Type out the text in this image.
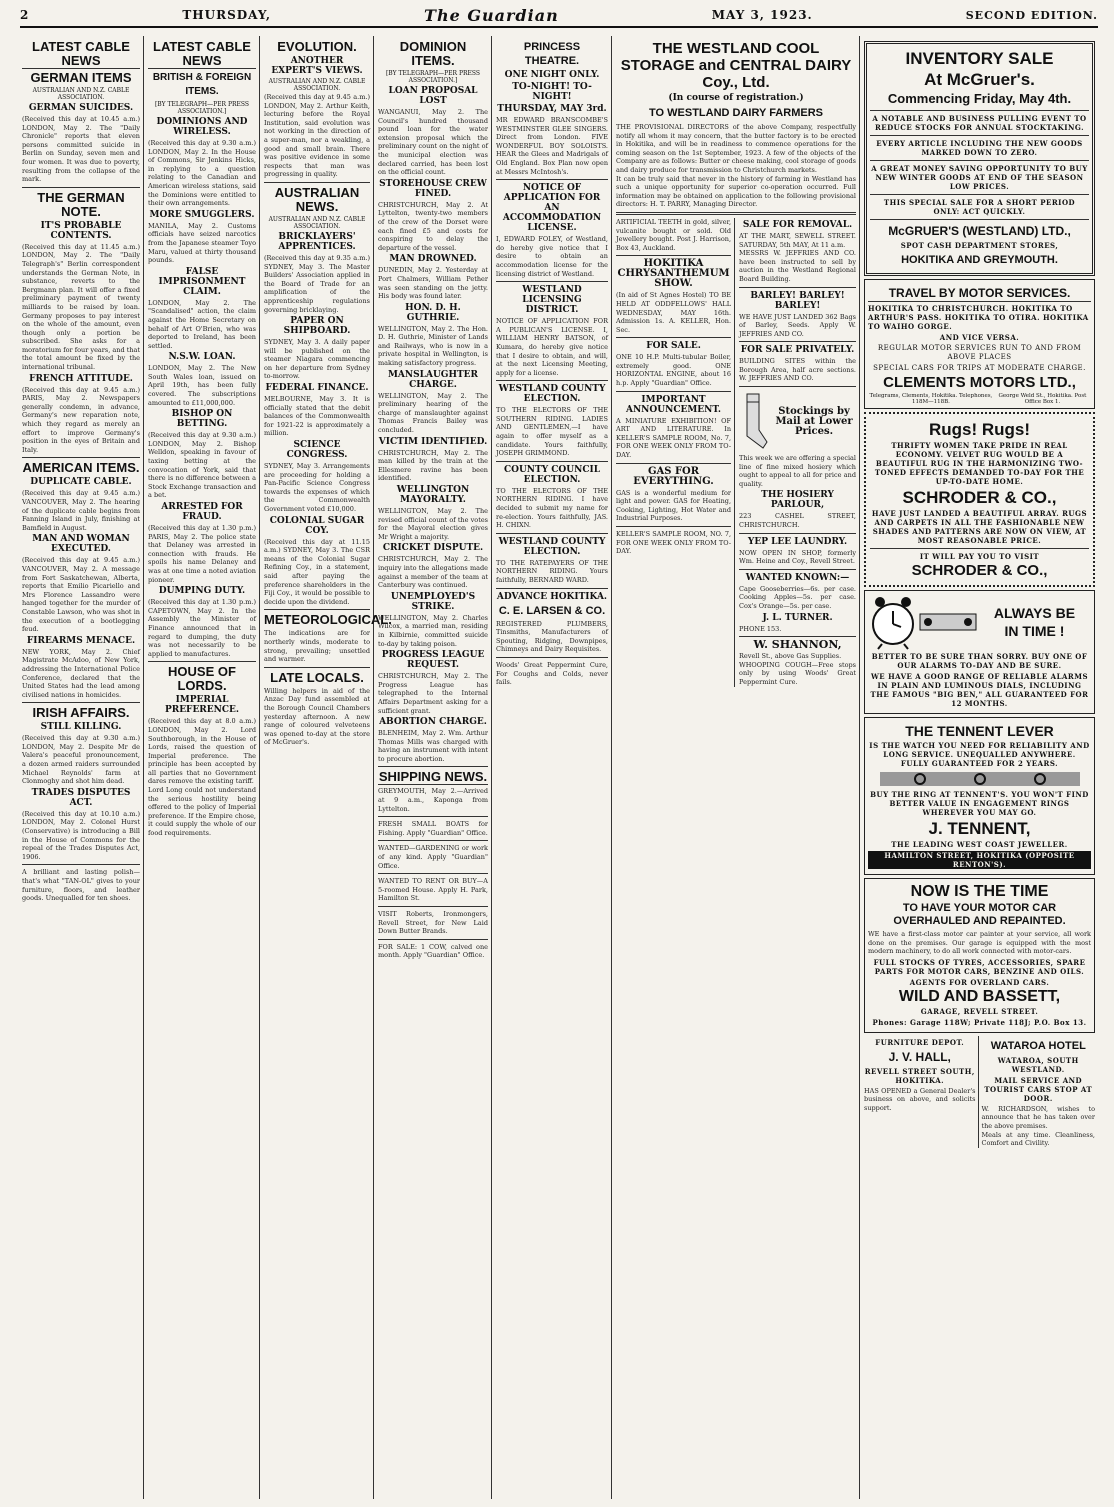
2	THURSDAY,	The Guardian	MAY 3, 1923.	SECOND EDITION.
LATEST CABLE NEWS
GERMAN ITEMS
AUSTRALIAN AND N.Z. CABLE ASSOCIATION.
GERMAN SUICIDES.

(Received this day at 10.45 a.m.) LONDON, May 2. The "Daily Chronicle" reports that eleven persons committed suicide in Berlin on Sunday, seven men and four women. It was due to poverty, resulting from the collapse of the mark.

THE GERMAN NOTE.
IT'S PROBABLE CONTENTS.

(Received this day at 11.45 a.m.) LONDON, May 2. The "Daily Telegraph's" Berlin correspondent understands the German Note, in substance, reverts to the Bergmann plan. It will offer a fixed preliminary payment of twenty milliards to be raised by loan. Germany proposes to pay interest on the whole of the amount, even though only a portion be subscribed. She asks for a moratorium for four years, and that the total amount be fixed by the international tribunal.

FRENCH ATTITUDE.

(Received this day at 9.45 a.m.) PARIS, May 2. Newspapers generally condemn, in advance, Germany's new reparation note, which they regard as merely an effort to improve Germany's position in the eyes of Britain and Italy.

AMERICAN ITEMS.
DUPLICATE CABLE.

(Received this day at 9.45 a.m.) VANCOUVER, May 2. The hearing of the duplicate cable begins from Fanning Island in July, finishing at Bamfield in August.

MAN AND WOMAN EXECUTED.

(Received this day at 9.45 a.m.) VANCOUVER, May 2. A message from Fort Saskatchewan, Alberta, reports that Emilio Picariello and Mrs Florence Lassandro were hanged together for the murder of Constable Lawson, who was shot in the execution of a bootlegging feud.

FIREARMS MENACE.

NEW YORK, May 2. Chief Magistrate McAdoo, of New York, addressing the International Police Conference, declared that the United States had the lead among civilised nations in homicides.

IRISH AFFAIRS.
STILL KILLING.

(Received this day at 9.30 a.m.) LONDON, May 2. Despite Mr de Valera's peaceful pronouncement, a dozen armed raiders surrounded Michael Reynolds' farm at Clonmoghy and shot him dead.

TRADES DISPUTES ACT.

(Received this day at 10.10 a.m.) LONDON, May 2. Colonel Hurst (Conservative) is introducing a Bill in the House of Commons for the repeal of the Trades Disputes Act, 1906.

A brilliant and lasting polish—that's what "TAN-OL" gives to your furniture, floors, and leather goods. Unequalled for ten shoes.

LATEST CABLE NEWS
BRITISH & FOREIGN ITEMS.
[BY TELEGRAPH—PER PRESS ASSOCIATION.]
DOMINIONS AND WIRELESS.

(Received this day at 9.30 a.m.) LONDON, May 2. In the House of Commons, Sir Jenkins Hicks, in replying to a question relating to the Canadian and American wireless stations, said the Dominions were entitled to their own arrangements.

MORE SMUGGLERS.

MANILA, May 2. Customs officials have seized narcotics from the Japanese steamer Toyo Maru, valued at thirty thousand pounds.

FALSE IMPRISONMENT CLAIM.

LONDON, May 2. The "Scandalised" action, the claim against the Home Secretary on behalf of Art O'Brien, who was deported to Ireland, has been settled.

N.S.W. LOAN.

LONDON, May 2. The New South Wales loan, issued on April 19th, has been fully covered. The subscriptions amounted to £11,000,000.

BISHOP ON BETTING.

(Received this day at 9.30 a.m.) LONDON, May 2. Bishop Welldon, speaking in favour of taxing betting at the convocation of York, said that there is no difference between a Stock Exchange transaction and a bet.

ARRESTED FOR FRAUD.

(Received this day at 1.30 p.m.) PARIS, May 2. The police state that Delaney was arrested in connection with frauds. He spoils his name Delaney and was at one time a noted aviation pioneer.

DUMPING DUTY.

(Received this day at 1.30 p.m.) CAPETOWN, May 2. In the Assembly the Minister of Finance announced that in regard to dumping, the duty was not necessarily to be applied to manufactures.

HOUSE OF LORDS.
IMPERIAL PREFERENCE.

(Received this day at 8.0 a.m.) LONDON, May 2. Lord Southborough, in the House of Lords, raised the question of Imperial preference. The principle has been accepted by all parties that no Government dares remove the existing tariff.

Lord Long could not understand the serious hostility being offered to the policy of Imperial preference. If the Empire chose, it could supply the whole of our food requirements.

EVOLUTION.
ANOTHER EXPERT'S VIEWS.
AUSTRALIAN AND N.Z. CABLE ASSOCIATION.

(Received this day at 9.45 a.m.) LONDON, May 2. Arthur Keith, lecturing before the Royal Institution, said evolution was not working in the direction of a super-man, nor a weakling, a good and small brain. There was positive evidence in some respects that man was progressing in quality.

AUSTRALIAN NEWS.
AUSTRALIAN AND N.Z. CABLE ASSOCIATION.
BRICKLAYERS' APPRENTICES.

(Received this day at 9.35 a.m.) SYDNEY, May 3. The Master Builders' Association applied in the Board of Trade for an amplification of the apprenticeship regulations governing bricklaying.

PAPER ON SHIPBOARD.

SYDNEY, May 3. A daily paper will be published on the steamer Niagara commencing on her departure from Sydney to-morrow.

FEDERAL FINANCE.

MELBOURNE, May 3. It is officially stated that the debit balances of the Commonwealth for 1921-22 is approximately a million.

SCIENCE CONGRESS.

SYDNEY, May 3. Arrangements are proceeding for holding a Pan-Pacific Science Congress towards the expenses of which the Commonwealth Government voted £10,000.

COLONIAL SUGAR COY.

(Received this day at 11.15 a.m.) SYDNEY, May 3. The CSR means of the Colonial Sugar Refining Coy., in a statement, said after paying the preference shareholders in the Fiji Coy., it would be possible to decide upon the dividend.

METEOROLOGICAL.

The indications are for northerly winds, moderate to strong, prevailing; unsettled and warmer.

LATE LOCALS.

Willing helpers in aid of the Anzac Day fund assembled at the Borough Council Chambers yesterday afternoon. A new range of coloured velveteens was opened to-day at the store of McGruer's.

DOMINION ITEMS.
[BY TELEGRAPH—PER PRESS ASSOCIATION.]
LOAN PROPOSAL LOST

WANGANUI, May 2. The Council's hundred thousand pound loan for the water extension proposal which the preliminary count on the night of the municipal election was declared carried, has been lost on the official count.

STOREHOUSE CREW FINED.

CHRISTCHURCH, May 2. At Lyttelton, twenty-two members of the crew of the Dorset were each fined £5 and costs for conspiring to delay the departure of the vessel.

MAN DROWNED.

DUNEDIN, May 2. Yesterday at Port Chalmers, William Pether was seen standing on the jetty. His body was found later.

HON. D. H. GUTHRIE.

WELLINGTON, May 2. The Hon. D. H. Guthrie, Minister of Lands and Railways, who is now in a private hospital in Wellington, is making satisfactory progress.

MANSLAUGHTER CHARGE.

WELLINGTON, May 2. The preliminary hearing of the charge of manslaughter against Thomas Francis Bailey was concluded.

VICTIM IDENTIFIED.

CHRISTCHURCH, May 2. The man killed by the train at the Ellesmere ravine has been identified.

WELLINGTON MAYORALTY.

WELLINGTON, May 2. The revised official count of the votes for the Mayoral election gives Mr Wright a majority.

CRICKET DISPUTE.

CHRISTCHURCH, May 2. The inquiry into the allegations made against a member of the team at Canterbury was continued.

UNEMPLOYED'S STRIKE.

WELLINGTON, May 2. Charles Wilcox, a married man, residing in Kilbirnie, committed suicide to-day by taking poison.

PROGRESS LEAGUE REQUEST.

CHRISTCHURCH, May 2. The Progress League has telegraphed to the Internal Affairs Department asking for a sufficient grant.

ABORTION CHARGE.

BLENHEIM, May 2. Wm. Arthur Thomas Mills was charged with having an instrument with intent to procure abortion.

SHIPPING NEWS.

GREYMOUTH, May 2.—Arrived at 9 a.m., Kaponga from Lyttelton.

FRESH SMALL BOATS for Fishing. Apply "Guardian" Office.

WANTED—GARDENING or work of any kind. Apply "Guardian" Office.

WANTED TO RENT OR BUY—A 5-roomed House. Apply H. Park, Hamilton St.

VISIT Roberts, Ironmongers, Revell Street, for New Laid Down Butter Brands.

FOR SALE: 1 COW, calved one month. Apply "Guardian" Office.

PRINCESS THEATRE.
ONE NIGHT ONLY.
TO-NIGHT! TO-NIGHT!
THURSDAY, MAY 3rd.

MR EDWARD BRANSCOMBE'S WESTMINSTER GLEE SINGERS. Direct from London. FIVE WONDERFUL BOY SOLOISTS. HEAR the Glees and Madrigals of Old England. Box Plan now open at Messrs McIntosh's.

NOTICE OF APPLICATION FOR AN ACCOMMODATION LICENSE.

I, EDWARD FOLEY, of Westland, do hereby give notice that I desire to obtain an accommodation license for the licensing district of Westland.

WESTLAND LICENSING DISTRICT.

NOTICE OF APPLICATION FOR A PUBLICAN'S LICENSE. I, WILLIAM HENRY BATSON, of Kumara, do hereby give notice that I desire to obtain, and will, at the next Licensing Meeting, apply for a license.

WESTLAND COUNTY ELECTION.

TO THE ELECTORS OF THE SOUTHERN RIDING. LADIES AND GENTLEMEN,—I have again to offer myself as a candidate. Yours faithfully, JOSEPH GRIMMOND.

COUNTY COUNCIL ELECTION.

TO THE ELECTORS OF THE NORTHERN RIDING. I have decided to submit my name for re-election. Yours faithfully, JAS. H. CHIXN.

WESTLAND COUNTY ELECTION.

TO THE RATEPAYERS OF THE NORTHERN RIDING. Yours faithfully, BERNARD WARD.

ADVANCE HOKITIKA.
C. E. LARSEN & CO.

REGISTERED PLUMBERS, Tinsmiths, Manufacturers of Spouting, Ridging, Downpipes, Chimneys and Dairy Requisites.

Woods' Great Peppermint Cure, For Coughs and Colds, never fails.

THE WESTLAND COOL STORAGE and CENTRAL DAIRY Coy., Ltd.
(In course of registration.)
TO WESTLAND DAIRY FARMERS

THE PROVISIONAL DIRECTORS of the above Company, respectfully notify all whom it may concern, that the butter factory is to be erected in Hokitika, and will be in readiness to commence operations for the coming season on the 1st September, 1923. A few of the objects of the Company are as follows: Butter or cheese making, cool storage of goods and dairy produce for transmission to Christchurch markets.

It can be truly said that never in the history of farming in Westland has such a unique opportunity for superior co-operation occurred. Full information may be obtained on application to the following provisional directors: H. T. PARRY, Managing Director.

ARTIFICIAL TEETH in gold, silver, vulcanite bought or sold. Old Jewellery bought. Post J. Harrison, Box 43, Auckland.

HOKITIKA CHRYSANTHEMUM SHOW.

(In aid of St Agnes Hostel) TO BE HELD AT ODDFELLOWS' HALL WEDNESDAY, MAY 16th. Admission 1s. A. KELLER, Hon. Sec.

FOR SALE.

ONE 10 H.P. Multi-tubular Boiler, extremely good. ONE HORIZONTAL ENGINE, about 16 h.p. Apply "Guardian" Office.

IMPORTANT ANNOUNCEMENT.

A MINIATURE EXHIBITION! OF ART AND LITERATURE. In KELLER'S SAMPLE ROOM, No. 7, FOR ONE WEEK ONLY FROM TO-DAY.

GAS FOR EVERYTHING.

GAS is a wonderful medium for light and power. GAS for Heating, Cooking, Lighting, Hot Water and Industrial Purposes.

KELLER'S SAMPLE ROOM, NO. 7, FOR ONE WEEK ONLY FROM TO-DAY.

SALE FOR REMOVAL.

AT THE MART, SEWELL STREET. SATURDAY, 5th MAY, At 11 a.m.

MESSRS W. JEFFRIES AND CO. have been instructed to sell by auction in the Westland Regional Board Building.

BARLEY! BARLEY! BARLEY!

WE HAVE JUST LANDED 362 Bags of Barley, Seeds. Apply W. JEFFRIES AND CO.

FOR SALE PRIVATELY.

BUILDING SITES within the Borough Area, half acre sections. W. JEFFRIES AND CO.

Stockings by Mail at Lower Prices.

This week we are offering a special line of fine mixed hosiery which ought to appeal to all for price and quality.

THE HOSIERY PARLOUR,

223 CASHEL STREET, CHRISTCHURCH.

YEP LEE LAUNDRY.

NOW OPEN IN SHOP, formerly Wm. Heine and Coy., Revell Street.

WANTED KNOWN:—

Cape Gooseberries—6s. per case. Cooking Apples—5s. per case. Cox's Orange—5s. per case.

J. L. TURNER.

PHONE 153.

W. SHANNON,

Revell St., above Gas Supplies.

WHOOPING COUGH—Free stops only by using Woods' Great Peppermint Cure.

INVENTORY SALE
At McGruer's.
Commencing Friday, May 4th.
A NOTABLE AND BUSINESS PULLING EVENT TO REDUCE STOCKS FOR ANNUAL STOCKTAKING.
EVERY ARTICLE INCLUDING THE NEW GOODS MARKED DOWN TO ZERO.
A GREAT MONEY SAVING OPPORTUNITY TO BUY NEW WINTER GOODS AT END OF THE SEASON LOW PRICES.
THIS SPECIAL SALE FOR A SHORT PERIOD ONLY: ACT QUICKLY.
McGRUER'S (WESTLAND) LTD.,
SPOT CASH DEPARTMENT STORES,
HOKITIKA AND GREYMOUTH.
TRAVEL BY MOTOR SERVICES.
HOKITIKA TO CHRISTCHURCH. HOKITIKA TO ARTHUR'S PASS. HOKITIKA TO OTIRA. HOKITIKA TO WAIHO GORGE.
AND VICE VERSA.
REGULAR MOTOR SERVICES RUN TO AND FROM ABOVE PLACES
SPECIAL CARS FOR TRIPS AT MODERATE CHARGE.
CLEMENTS MOTORS LTD.,
Telegrams, Clements, Hokitika. Telephones, 118M—118B.
George Weld St., Hokitika. Post Office Box 1.
Rugs! Rugs!
THRIFTY WOMEN TAKE PRIDE IN REAL ECONOMY. VELVET RUG WOULD BE A BEAUTIFUL RUG IN THE HARMONIZING TWO-TONED EFFECTS DEMANDED TO-DAY FOR THE UP-TO-DATE HOME.
SCHRODER & CO.,
HAVE JUST LANDED A BEAUTIFUL ARRAY. RUGS AND CARPETS IN ALL THE FASHIONABLE NEW SHADES AND PATTERNS ARE NOW ON VIEW, AT MOST REASONABLE PRICE.
IT WILL PAY YOU TO VISIT
SCHRODER & CO.,
ALWAYS BE
IN TIME !
BETTER TO BE SURE THAN SORRY. BUY ONE OF OUR ALARMS TO-DAY AND BE SURE.
WE HAVE A GOOD RANGE OF RELIABLE ALARMS IN PLAIN AND LUMINOUS DIALS, INCLUDING THE FAMOUS "BIG BEN," ALL GUARANTEED FOR 12 MONTHS.
THE TENNENT LEVER
IS THE WATCH YOU NEED FOR RELIABILITY AND LONG SERVICE. UNEQUALLED ANYWHERE. FULLY GUARANTEED FOR 2 YEARS.
BUY THE RING AT TENNENT'S. YOU WON'T FIND BETTER VALUE IN ENGAGEMENT RINGS WHEREVER YOU MAY GO.
J. TENNENT,
THE LEADING WEST COAST JEWELLER.
HAMILTON STREET, HOKITIKA (OPPOSITE RENTON'S).
NOW IS THE TIME
TO HAVE YOUR MOTOR CAR OVERHAULED AND REPAINTED.

WE have a first-class motor car painter at your service, all work done on the premises. Our garage is equipped with the most modern machinery, to do all work connected with motor-cars.

FULL STOCKS OF TYRES, ACCESSORIES, SPARE PARTS FOR MOTOR CARS, BENZINE AND OILS.
AGENTS FOR OVERLAND CARS.
WILD AND BASSETT,
GARAGE, REVELL STREET.
Phones: Garage 118W; Private 118J; P.O. Box 13.
FURNITURE DEPOT.
J. V. HALL,
REVELL STREET SOUTH, HOKITIKA.

HAS OPENED a General Dealer's business on above, and solicits support.

WATAROA HOTEL
WATAROA, SOUTH WESTLAND.
MAIL SERVICE AND TOURIST CARS STOP AT DOOR.

W. RICHARDSON, wishes to announce that he has taken over the above premises.

Meals at any time. Cleanliness, Comfort and Civility.
